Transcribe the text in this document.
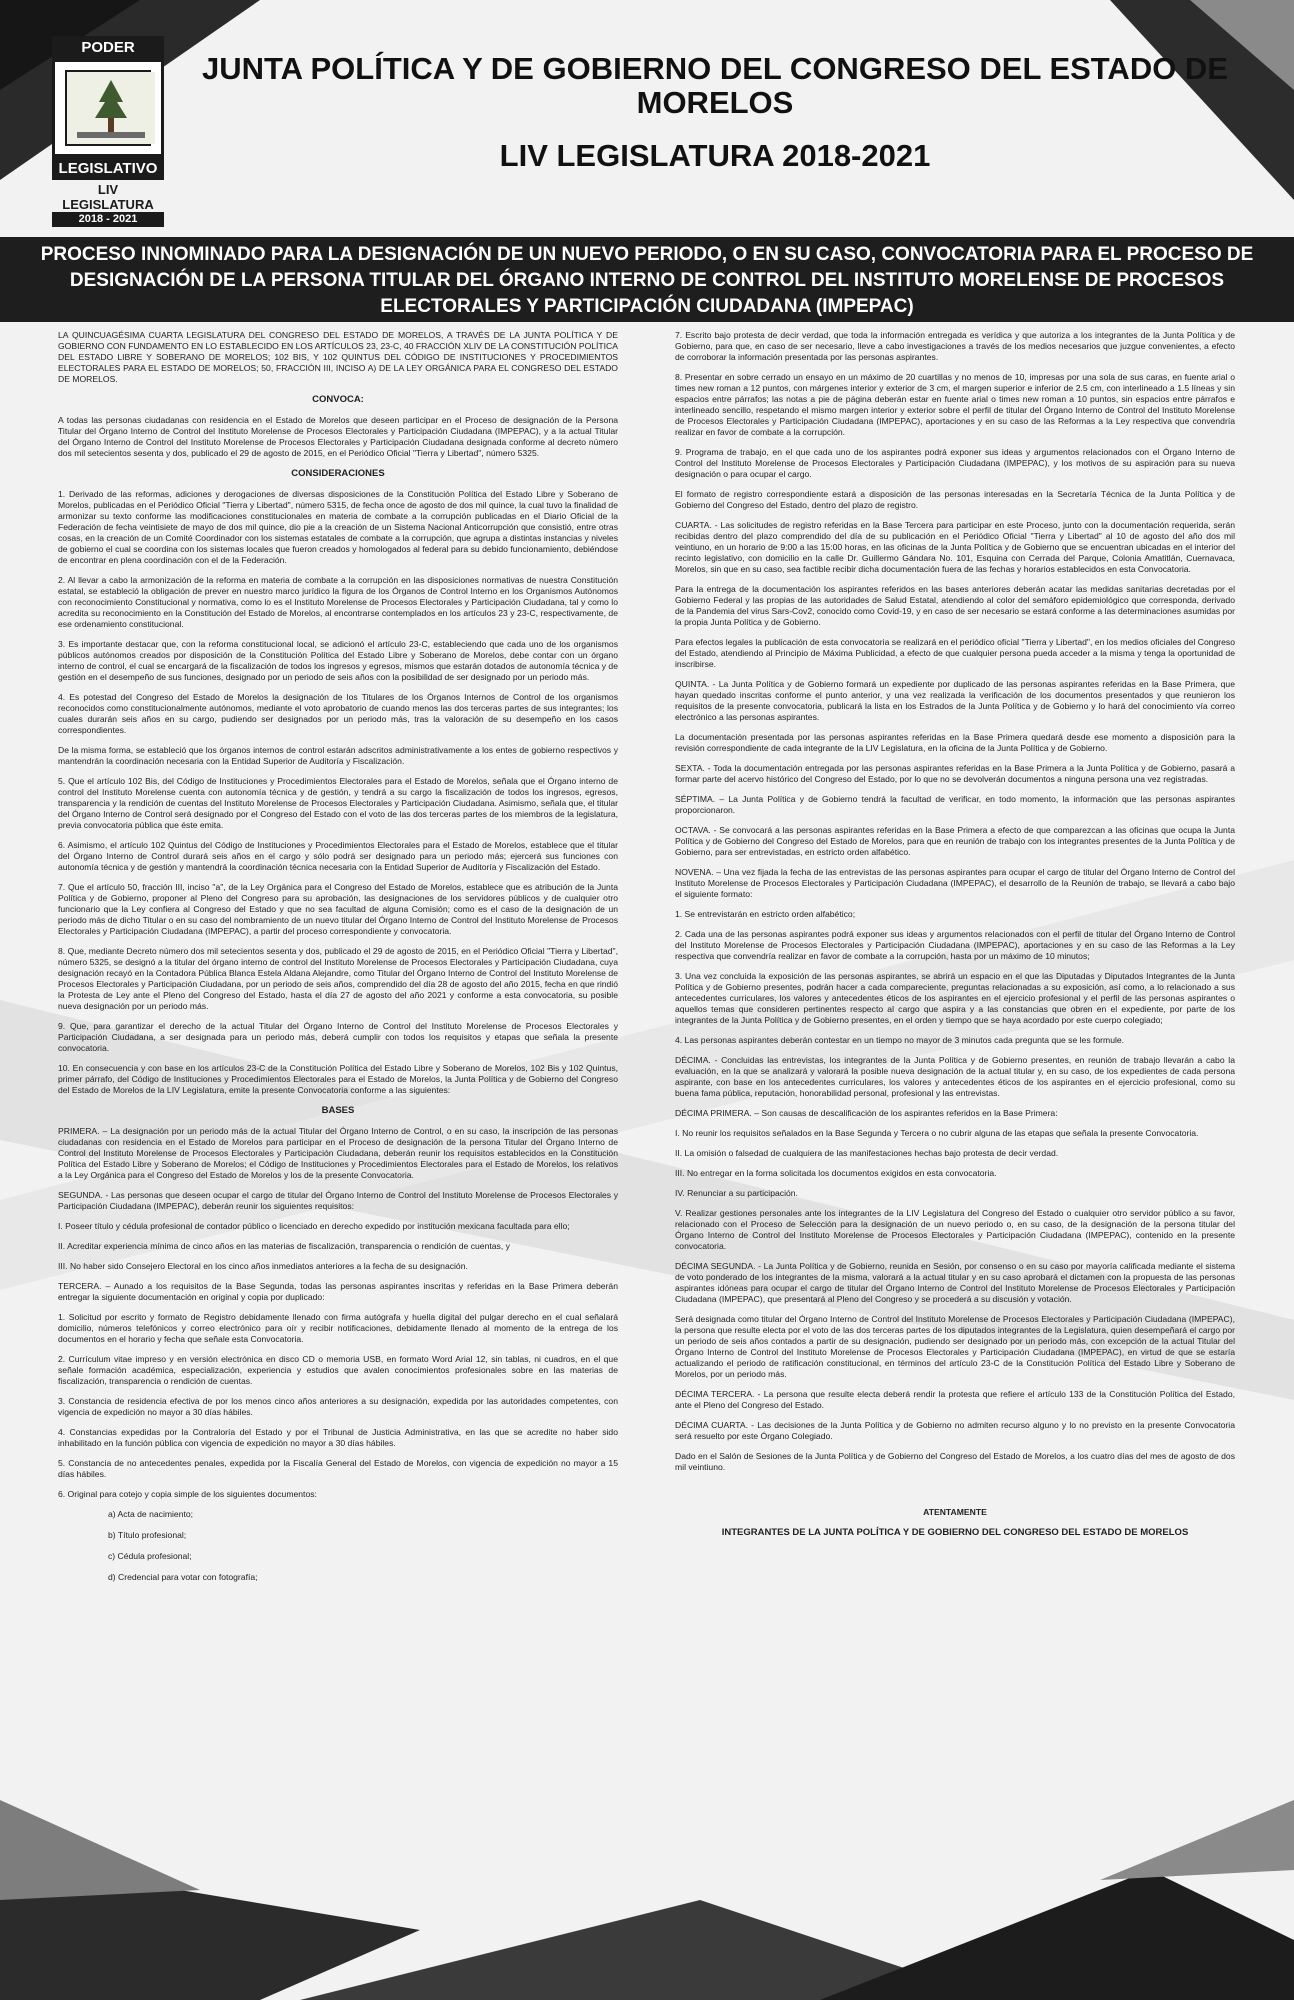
PODER
LEGISLATIVO
LIV LEGISLATURA
2018 - 2021
JUNTA POLÍTICA Y DE GOBIERNO DEL CONGRESO DEL ESTADO DE MORELOS
LIV LEGISLATURA 2018-2021
PROCESO INNOMINADO PARA LA DESIGNACIÓN DE UN NUEVO PERIODO, O EN SU CASO, CONVOCATORIA PARA EL PROCESO DE DESIGNACIÓN DE LA PERSONA TITULAR DEL ÓRGANO INTERNO DE CONTROL DEL INSTITUTO MORELENSE DE PROCESOS ELECTORALES Y PARTICIPACIÓN CIUDADANA (IMPEPAC)

LA QUINCUAGÉSIMA CUARTA LEGISLATURA DEL CONGRESO DEL ESTADO DE MORELOS, A TRAVÉS DE LA JUNTA POLÍTICA Y DE GOBIERNO CON FUNDAMENTO EN LO ESTABLECIDO EN LOS ARTÍCULOS 23, 23-C, 40 FRACCIÓN XLIV DE LA CONSTITUCIÓN POLÍTICA DEL ESTADO LIBRE Y SOBERANO DE MORELOS; 102 BIS, Y 102 QUINTUS DEL CÓDIGO DE INSTITUCIONES Y PROCEDIMIENTOS ELECTORALES PARA EL ESTADO DE MORELOS; 50, FRACCIÓN III, INCISO A) DE LA LEY ORGÁNICA PARA EL CONGRESO DEL ESTADO DE MORELOS.

CONVOCA:

A todas las personas ciudadanas con residencia en el Estado de Morelos que deseen participar en el Proceso de designación de la Persona Titular del Órgano Interno de Control del Instituto Morelense de Procesos Electorales y Participación Ciudadana (IMPEPAC), y a la actual Titular del Órgano Interno de Control del Instituto Morelense de Procesos Electorales y Participación Ciudadana designada conforme al decreto número dos mil setecientos sesenta y dos, publicado el 29 de agosto de 2015, en el Periódico Oficial "Tierra y Libertad", número 5325.

CONSIDERACIONES

1. Derivado de las reformas, adiciones y derogaciones de diversas disposiciones de la Constitución Política del Estado Libre y Soberano de Morelos, publicadas en el Periódico Oficial "Tierra y Libertad", número 5315, de fecha once de agosto de dos mil quince, la cual tuvo la finalidad de armonizar su texto conforme las modificaciones constitucionales en materia de combate a la corrupción publicadas en el Diario Oficial de la Federación de fecha veintisiete de mayo de dos mil quince, dio pie a la creación de un Sistema Nacional Anticorrupción que consistió, entre otras cosas, en la creación de un Comité Coordinador con los sistemas estatales de combate a la corrupción, que agrupa a distintas instancias y niveles de gobierno el cual se coordina con los sistemas locales que fueron creados y homologados al federal para su debido funcionamiento, debiéndose de encontrar en plena coordinación con el de la Federación.

2. Al llevar a cabo la armonización de la reforma en materia de combate a la corrupción en las disposiciones normativas de nuestra Constitución estatal, se estableció la obligación de prever en nuestro marco jurídico la figura de los Órganos de Control Interno en los Organismos Autónomos con reconocimiento Constitucional y normativa, como lo es el Instituto Morelense de Procesos Electorales y Participación Ciudadana, tal y como lo acredita su reconocimiento en la Constitución del Estado de Morelos, al encontrarse contemplados en los artículos 23 y 23-C, respectivamente, de ese ordenamiento constitucional.

3. Es importante destacar que, con la reforma constitucional local, se adicionó el artículo 23-C, estableciendo que cada uno de los organismos públicos autónomos creados por disposición de la Constitución Política del Estado Libre y Soberano de Morelos, debe contar con un órgano interno de control, el cual se encargará de la fiscalización de todos los ingresos y egresos, mismos que estarán dotados de autonomía técnica y de gestión en el desempeño de sus funciones, designado por un periodo de seis años con la posibilidad de ser designado por un periodo más.

4. Es potestad del Congreso del Estado de Morelos la designación de los Titulares de los Órganos Internos de Control de los organismos reconocidos como constitucionalmente autónomos, mediante el voto aprobatorio de cuando menos las dos terceras partes de sus integrantes; los cuales durarán seis años en su cargo, pudiendo ser designados por un periodo más, tras la valoración de su desempeño en los casos correspondientes.

De la misma forma, se estableció que los órganos internos de control estarán adscritos administrativamente a los entes de gobierno respectivos y mantendrán la coordinación necesaria con la Entidad Superior de Auditoría y Fiscalización.

5. Que el artículo 102 Bis, del Código de Instituciones y Procedimientos Electorales para el Estado de Morelos, señala que el Órgano interno de control del Instituto Morelense cuenta con autonomía técnica y de gestión, y tendrá a su cargo la fiscalización de todos los ingresos, egresos, transparencia y la rendición de cuentas del Instituto Morelense de Procesos Electorales y Participación Ciudadana. Asimismo, señala que, el titular del Órgano Interno de Control será designado por el Congreso del Estado con el voto de las dos terceras partes de los miembros de la legislatura, previa convocatoria pública que éste emita.

6. Asimismo, el artículo 102 Quintus del Código de Instituciones y Procedimientos Electorales para el Estado de Morelos, establece que el titular del Órgano Interno de Control durará seis años en el cargo y sólo podrá ser designado para un periodo más; ejercerá sus funciones con autonomía técnica y de gestión y mantendrá la coordinación técnica necesaria con la Entidad Superior de Auditoría y Fiscalización del Estado.

7. Que el artículo 50, fracción III, inciso "a", de la Ley Orgánica para el Congreso del Estado de Morelos, establece que es atribución de la Junta Política y de Gobierno, proponer al Pleno del Congreso para su aprobación, las designaciones de los servidores públicos y de cualquier otro funcionario que la Ley confiera al Congreso del Estado y que no sea facultad de alguna Comisión; como es el caso de la designación de un periodo más de dicho Titular o en su caso del nombramiento de un nuevo titular del Órgano Interno de Control del Instituto Morelense de Procesos Electorales y Participación Ciudadana (IMPEPAC), a partir del proceso correspondiente y convocatoria.

8. Que, mediante Decreto número dos mil setecientos sesenta y dos, publicado el 29 de agosto de 2015, en el Periódico Oficial "Tierra y Libertad", número 5325, se designó a la titular del órgano interno de control del Instituto Morelense de Procesos Electorales y Participación Ciudadana, cuya designación recayó en la Contadora Pública Blanca Estela Aldana Alejandre, como Titular del Órgano Interno de Control del Instituto Morelense de Procesos Electorales y Participación Ciudadana, por un periodo de seis años, comprendido del día 28 de agosto del año 2015, fecha en que rindió la Protesta de Ley ante el Pleno del Congreso del Estado, hasta el día 27 de agosto del año 2021 y conforme a esta convocatoria, su posible nueva designación por un periodo más.

9. Que, para garantizar el derecho de la actual Titular del Órgano Interno de Control del Instituto Morelense de Procesos Electorales y Participación Ciudadana, a ser designada para un periodo más, deberá cumplir con todos los requisitos y etapas que señala la presente convocatoria.

10. En consecuencia y con base en los artículos 23-C de la Constitución Política del Estado Libre y Soberano de Morelos, 102 Bis y 102 Quintus, primer párrafo, del Código de Instituciones y Procedimientos Electorales para el Estado de Morelos, la Junta Política y de Gobierno del Congreso del Estado de Morelos de la LIV Legislatura, emite la presente Convocatoria conforme a las siguientes:

BASES

PRIMERA. – La designación por un periodo más de la actual Titular del Órgano Interno de Control, o en su caso, la inscripción de las personas ciudadanas con residencia en el Estado de Morelos para participar en el Proceso de designación de la persona Titular del Órgano Interno de Control del Instituto Morelense de Procesos Electorales y Participación Ciudadana, deberán reunir los requisitos establecidos en la Constitución Política del Estado Libre y Soberano de Morelos; el Código de Instituciones y Procedimientos Electorales para el Estado de Morelos, los relativos a la Ley Orgánica para el Congreso del Estado de Morelos y los de la presente Convocatoria.

SEGUNDA. - Las personas que deseen ocupar el cargo de titular del Órgano Interno de Control del Instituto Morelense de Procesos Electorales y Participación Ciudadana (IMPEPAC), deberán reunir los siguientes requisitos:

I. Poseer título y cédula profesional de contador público o licenciado en derecho expedido por institución mexicana facultada para ello;

II. Acreditar experiencia mínima de cinco años en las materias de fiscalización, transparencia o rendición de cuentas, y

III. No haber sido Consejero Electoral en los cinco años inmediatos anteriores a la fecha de su designación.

TERCERA. – Aunado a los requisitos de la Base Segunda, todas las personas aspirantes inscritas y referidas en la Base Primera deberán entregar la siguiente documentación en original y copia por duplicado:

1. Solicitud por escrito y formato de Registro debidamente llenado con firma autógrafa y huella digital del pulgar derecho en el cual señalará domicilio, números telefónicos y correo electrónico para oír y recibir notificaciones, debidamente llenado al momento de la entrega de los documentos en el horario y fecha que señale esta Convocatoria.

2. Currículum vitae impreso y en versión electrónica en disco CD o memoria USB, en formato Word Arial 12, sin tablas, ni cuadros, en el que señale formación académica, especialización, experiencia y estudios que avalen conocimientos profesionales sobre en las materias de fiscalización, transparencia o rendición de cuentas.

3. Constancia de residencia efectiva de por los menos cinco años anteriores a su designación, expedida por las autoridades competentes, con vigencia de expedición no mayor a 30 días hábiles.

4. Constancias expedidas por la Contraloría del Estado y por el Tribunal de Justicia Administrativa, en las que se acredite no haber sido inhabilitado en la función pública con vigencia de expedición no mayor a 30 días hábiles.

5. Constancia de no antecedentes penales, expedida por la Fiscalía General del Estado de Morelos, con vigencia de expedición no mayor a 15 días hábiles.

6. Original para cotejo y copia simple de los siguientes documentos:

a) Acta de nacimiento;

b) Título profesional;

c) Cédula profesional;

d) Credencial para votar con fotografía;

7. Escrito bajo protesta de decir verdad, que toda la información entregada es verídica y que autoriza a los integrantes de la Junta Política y de Gobierno, para que, en caso de ser necesario, lleve a cabo investigaciones a través de los medios necesarios que juzgue convenientes, a efecto de corroborar la información presentada por las personas aspirantes.

8. Presentar en sobre cerrado un ensayo en un máximo de 20 cuartillas y no menos de 10, impresas por una sola de sus caras, en fuente arial o times new roman a 12 puntos, con márgenes interior y exterior de 3 cm, el margen superior e inferior de 2.5 cm, con interlineado a 1.5 líneas y sin espacios entre párrafos; las notas a pie de página deberán estar en fuente arial o times new roman a 10 puntos, sin espacios entre párrafos e interlineado sencillo, respetando el mismo margen interior y exterior sobre el perfil de titular del Órgano Interno de Control del Instituto Morelense de Procesos Electorales y Participación Ciudadana (IMPEPAC), aportaciones y en su caso de las Reformas a la Ley respectiva que convendría realizar en favor de combate a la corrupción.

9. Programa de trabajo, en el que cada uno de los aspirantes podrá exponer sus ideas y argumentos relacionados con el Órgano Interno de Control del Instituto Morelense de Procesos Electorales y Participación Ciudadana (IMPEPAC), y los motivos de su aspiración para su nueva designación o para ocupar el cargo.

El formato de registro correspondiente estará a disposición de las personas interesadas en la Secretaría Técnica de la Junta Política y de Gobierno del Congreso del Estado, dentro del plazo de registro.

CUARTA. - Las solicitudes de registro referidas en la Base Tercera para participar en este Proceso, junto con la documentación requerida, serán recibidas dentro del plazo comprendido del día de su publicación en el Periódico Oficial "Tierra y Libertad" al 10 de agosto del año dos mil veintiuno, en un horario de 9:00 a las 15:00 horas, en las oficinas de la Junta Política y de Gobierno que se encuentran ubicadas en el interior del recinto legislativo, con domicilio en la calle Dr. Guillermo Gándara No. 101, Esquina con Cerrada del Parque, Colonia Amatitlán, Cuernavaca, Morelos, sin que en su caso, sea factible recibir dicha documentación fuera de las fechas y horarios establecidos en esta Convocatoria.

Para la entrega de la documentación los aspirantes referidos en las bases anteriores deberán acatar las medidas sanitarias decretadas por el Gobierno Federal y las propias de las autoridades de Salud Estatal, atendiendo al color del semáforo epidemiológico que corresponda, derivado de la Pandemia del virus Sars-Cov2, conocido como Covid-19, y en caso de ser necesario se estará conforme a las determinaciones asumidas por la propia Junta Política y de Gobierno.

Para efectos legales la publicación de esta convocatoria se realizará en el periódico oficial "Tierra y Libertad", en los medios oficiales del Congreso del Estado, atendiendo al Principio de Máxima Publicidad, a efecto de que cualquier persona pueda acceder a la misma y tenga la oportunidad de inscribirse.

QUINTA. - La Junta Política y de Gobierno formará un expediente por duplicado de las personas aspirantes referidas en la Base Primera, que hayan quedado inscritas conforme el punto anterior, y una vez realizada la verificación de los documentos presentados y que reunieron los requisitos de la presente convocatoria, publicará la lista en los Estrados de la Junta Política y de Gobierno y lo hará del conocimiento vía correo electrónico a las personas aspirantes.

La documentación presentada por las personas aspirantes referidas en la Base Primera quedará desde ese momento a disposición para la revisión correspondiente de cada integrante de la LIV Legislatura, en la oficina de la Junta Política y de Gobierno.

SEXTA. - Toda la documentación entregada por las personas aspirantes referidas en la Base Primera a la Junta Política y de Gobierno, pasará a formar parte del acervo histórico del Congreso del Estado, por lo que no se devolverán documentos a ninguna persona una vez registradas.

SÉPTIMA. – La Junta Política y de Gobierno tendrá la facultad de verificar, en todo momento, la información que las personas aspirantes proporcionaron.

OCTAVA. - Se convocará a las personas aspirantes referidas en la Base Primera a efecto de que comparezcan a las oficinas que ocupa la Junta Política y de Gobierno del Congreso del Estado de Morelos, para que en reunión de trabajo con los integrantes presentes de la Junta Política y de Gobierno, para ser entrevistadas, en estricto orden alfabético.

NOVENA. – Una vez fijada la fecha de las entrevistas de las personas aspirantes para ocupar el cargo de titular del Órgano Interno de Control del Instituto Morelense de Procesos Electorales y Participación Ciudadana (IMPEPAC), el desarrollo de la Reunión de trabajo, se llevará a cabo bajo el siguiente formato:

1. Se entrevistarán en estricto orden alfabético;

2. Cada una de las personas aspirantes podrá exponer sus ideas y argumentos relacionados con el perfil de titular del Órgano Interno de Control del Instituto Morelense de Procesos Electorales y Participación Ciudadana (IMPEPAC), aportaciones y en su caso de las Reformas a la Ley respectiva que convendría realizar en favor de combate a la corrupción, hasta por un máximo de 10 minutos;

3. Una vez concluida la exposición de las personas aspirantes, se abrirá un espacio en el que las Diputadas y Diputados Integrantes de la Junta Política y de Gobierno presentes, podrán hacer a cada compareciente, preguntas relacionadas a su exposición, así como, a lo relacionado a sus antecedentes curriculares, los valores y antecedentes éticos de los aspirantes en el ejercicio profesional y el perfil de las personas aspirantes o aquellos temas que consideren pertinentes respecto al cargo que aspira y a las constancias que obren en el expediente, por parte de los integrantes de la Junta Política y de Gobierno presentes, en el orden y tiempo que se haya acordado por este cuerpo colegiado;

4. Las personas aspirantes deberán contestar en un tiempo no mayor de 3 minutos cada pregunta que se les formule.

DÉCIMA. - Concluidas las entrevistas, los integrantes de la Junta Política y de Gobierno presentes, en reunión de trabajo llevarán a cabo la evaluación, en la que se analizará y valorará la posible nueva designación de la actual titular y, en su caso, de los expedientes de cada persona aspirante, con base en los antecedentes curriculares, los valores y antecedentes éticos de los aspirantes en el ejercicio profesional, como su buena fama pública, reputación, honorabilidad personal, profesional y las entrevistas.

DÉCIMA PRIMERA. – Son causas de descalificación de los aspirantes referidos en la Base Primera:

I. No reunir los requisitos señalados en la Base Segunda y Tercera o no cubrir alguna de las etapas que señala la presente Convocatoria.

II. La omisión o falsedad de cualquiera de las manifestaciones hechas bajo protesta de decir verdad.

III. No entregar en la forma solicitada los documentos exigidos en esta convocatoria.

IV. Renunciar a su participación.

V. Realizar gestiones personales ante los integrantes de la LIV Legislatura del Congreso del Estado o cualquier otro servidor público a su favor, relacionado con el Proceso de Selección para la designación de un nuevo periodo o, en su caso, de la designación de la persona titular del Órgano Interno de Control del Instituto Morelense de Procesos Electorales y Participación Ciudadana (IMPEPAC), contenido en la presente convocatoria.

DÉCIMA SEGUNDA. - La Junta Política y de Gobierno, reunida en Sesión, por consenso o en su caso por mayoría calificada mediante el sistema de voto ponderado de los integrantes de la misma, valorará a la actual titular y en su caso aprobará el dictamen con la propuesta de las personas aspirantes idóneas para ocupar el cargo de titular del Órgano Interno de Control del Instituto Morelense de Procesos Electorales y Participación Ciudadana (IMPEPAC), que presentará al Pleno del Congreso y se procederá a su discusión y votación.

Será designada como titular del Órgano Interno de Control del Instituto Morelense de Procesos Electorales y Participación Ciudadana (IMPEPAC), la persona que resulte electa por el voto de las dos terceras partes de los diputados integrantes de la Legislatura, quien desempeñará el cargo por un periodo de seis años contados a partir de su designación, pudiendo ser designado por un periodo más, con excepción de la actual Titular del Órgano Interno de Control del Instituto Morelense de Procesos Electorales y Participación Ciudadana (IMPEPAC), en virtud de que se estaría actualizando el periodo de ratificación constitucional, en términos del artículo 23-C de la Constitución Política del Estado Libre y Soberano de Morelos, por un periodo más.

DÉCIMA TERCERA. - La persona que resulte electa deberá rendir la protesta que refiere el artículo 133 de la Constitución Política del Estado, ante el Pleno del Congreso del Estado.

DÉCIMA CUARTA. - Las decisiones de la Junta Política y de Gobierno no admiten recurso alguno y lo no previsto en la presente Convocatoria será resuelto por este Órgano Colegiado.

Dado en el Salón de Sesiones de la Junta Política y de Gobierno del Congreso del Estado de Morelos, a los cuatro días del mes de agosto de dos mil veintiuno.

ATENTAMENTE

INTEGRANTES DE LA JUNTA POLÍTICA Y DE GOBIERNO DEL CONGRESO DEL ESTADO DE MORELOS
